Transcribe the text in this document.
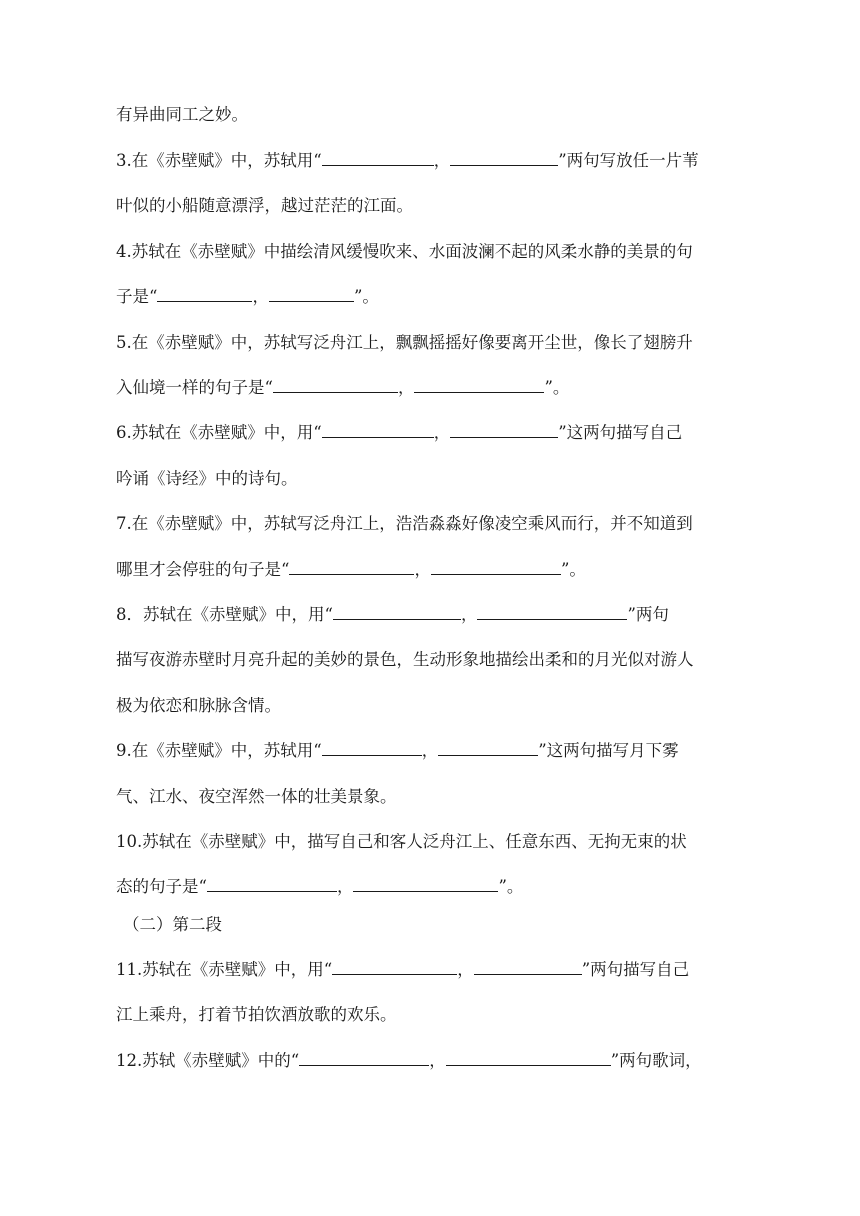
有异曲同工之妙。
3.在《赤壁赋》中，苏轼用“	，	”两句写放任一片苇
叶似的小船随意漂浮，越过茫茫的江面。
4.苏轼在《赤壁赋》中描绘清风缓慢吹来、水面波澜不起的风柔水静的美景的句
子是“	，	”。
5.在《赤壁赋》中，苏轼写泛舟江上，飘飘摇摇好像要离开尘世，像长了翅膀升
入仙境一样的句子是“	，	”。
6.苏轼在《赤壁赋》中，用“	，	”这两句描写自己
吟诵《诗经》中的诗句。
7.在《赤壁赋》中，苏轼写泛舟江上，浩浩淼淼好像凌空乘风而行，并不知道到
哪里才会停驻的句子是“	，	”。
8．苏轼在《赤壁赋》中，用“	，	”两句
描写夜游赤壁时月亮升起的美妙的景色，生动形象地描绘出柔和的月光似对游人
极为依恋和脉脉含情。
9.在《赤壁赋》中，苏轼用“	，	”这两句描写月下雾
气、江水、夜空浑然一体的壮美景象。
10.苏轼在《赤壁赋》中，描写自己和客人泛舟江上、任意东西、无拘无束的状
态的句子是“	，	”。
（二）第二段
11.苏轼在《赤壁赋》中，用“	，	”两句描写自己
江上乘舟，打着节拍饮酒放歌的欢乐。
12.苏轼《赤壁赋》中的“	，	”两句歌词，
